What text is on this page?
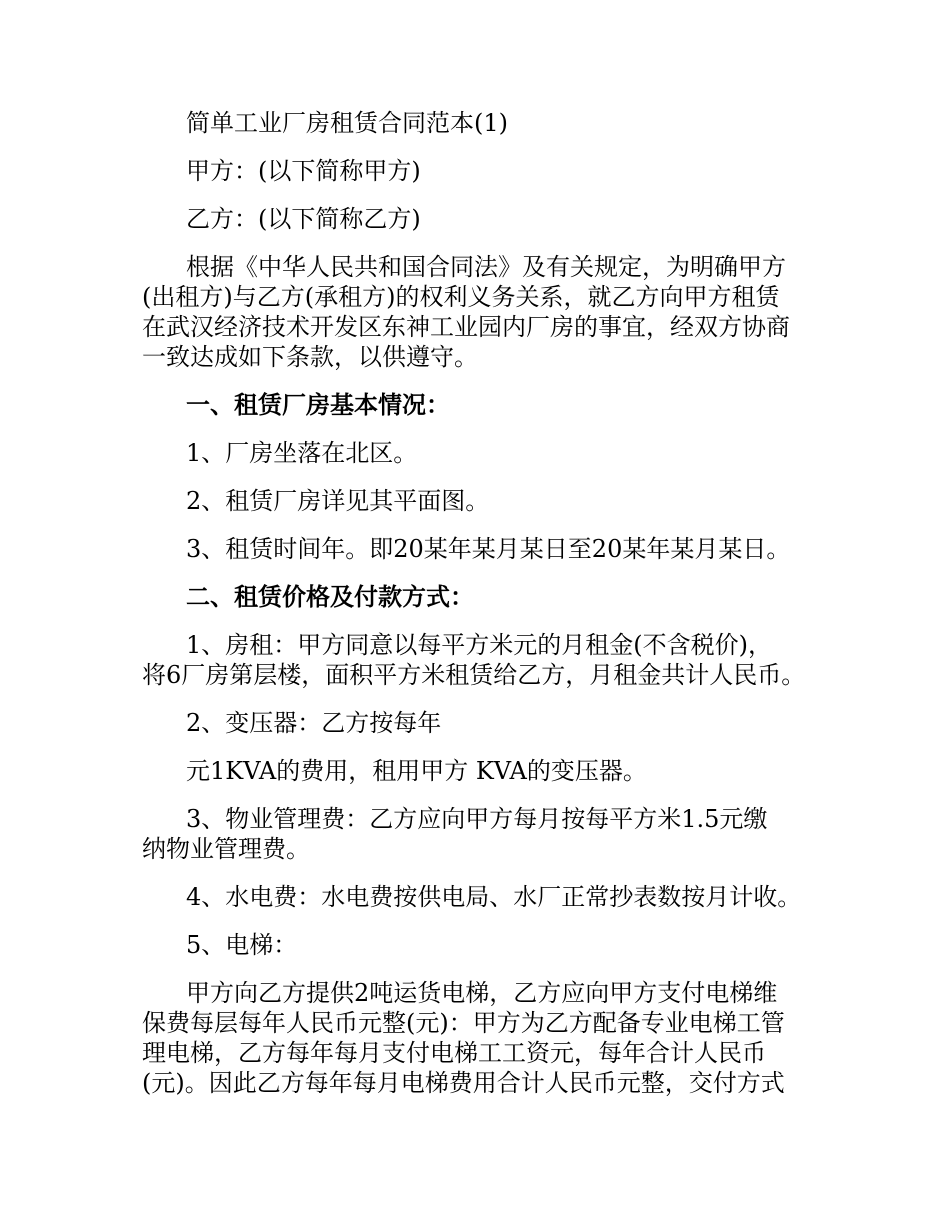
简单工业厂房租赁合同范本(1)

甲方：(以下简称甲方)

乙方：(以下简称乙方)

根据《中华人民共和国合同法》及有关规定，为明确甲方
(出租方)与乙方(承租方)的权利义务关系，就乙方向甲方租赁
在武汉经济技术开发区东神工业园内厂房的事宜，经双方协商
一致达成如下条款，以供遵守。

一、租赁厂房基本情况：

1、厂房坐落在北区。

2、租赁厂房详见其平面图。

3、租赁时间年。即20某年某月某日至20某年某月某日。

二、租赁价格及付款方式：

1、房租：甲方同意以每平方米元的月租金(不含税价)，
将6厂房第层楼，面积平方米租赁给乙方，月租金共计人民币。

2、变压器：乙方按每年

元1KVA的费用，租用甲方 KVA的变压器。

3、物业管理费：乙方应向甲方每月按每平方米1.5元缴
纳物业管理费。

4、水电费：水电费按供电局、水厂正常抄表数按月计收。

5、电梯：

甲方向乙方提供2吨运货电梯，乙方应向甲方支付电梯维
保费每层每年人民币元整(元)：甲方为乙方配备专业电梯工管
理电梯，乙方每年每月支付电梯工工资元，每年合计人民币
(元)。因此乙方每年每月电梯费用合计人民币元整，交付方式
